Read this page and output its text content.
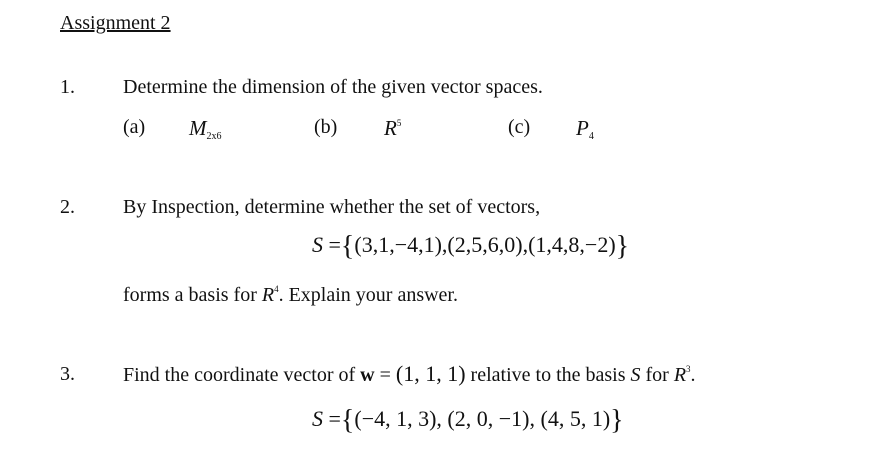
Assignment 2
1. Determine the dimension of the given vector spaces.
(a) $M_{2x6}$	(b) $R^5$	(c) $P_4$
2. By Inspection, determine whether the set of vectors,
S ={(3,1,−4,1),(2,5,6,0),(1,4,8,−2)}
forms a basis for $R^4$. Explain your answer.
3. Find the coordinate vector of w = (1, 1, 1) relative to the basis S for $R^3$.
S ={(−4, 1, 3), (2, 0, −1), (4, 5, 1)}
